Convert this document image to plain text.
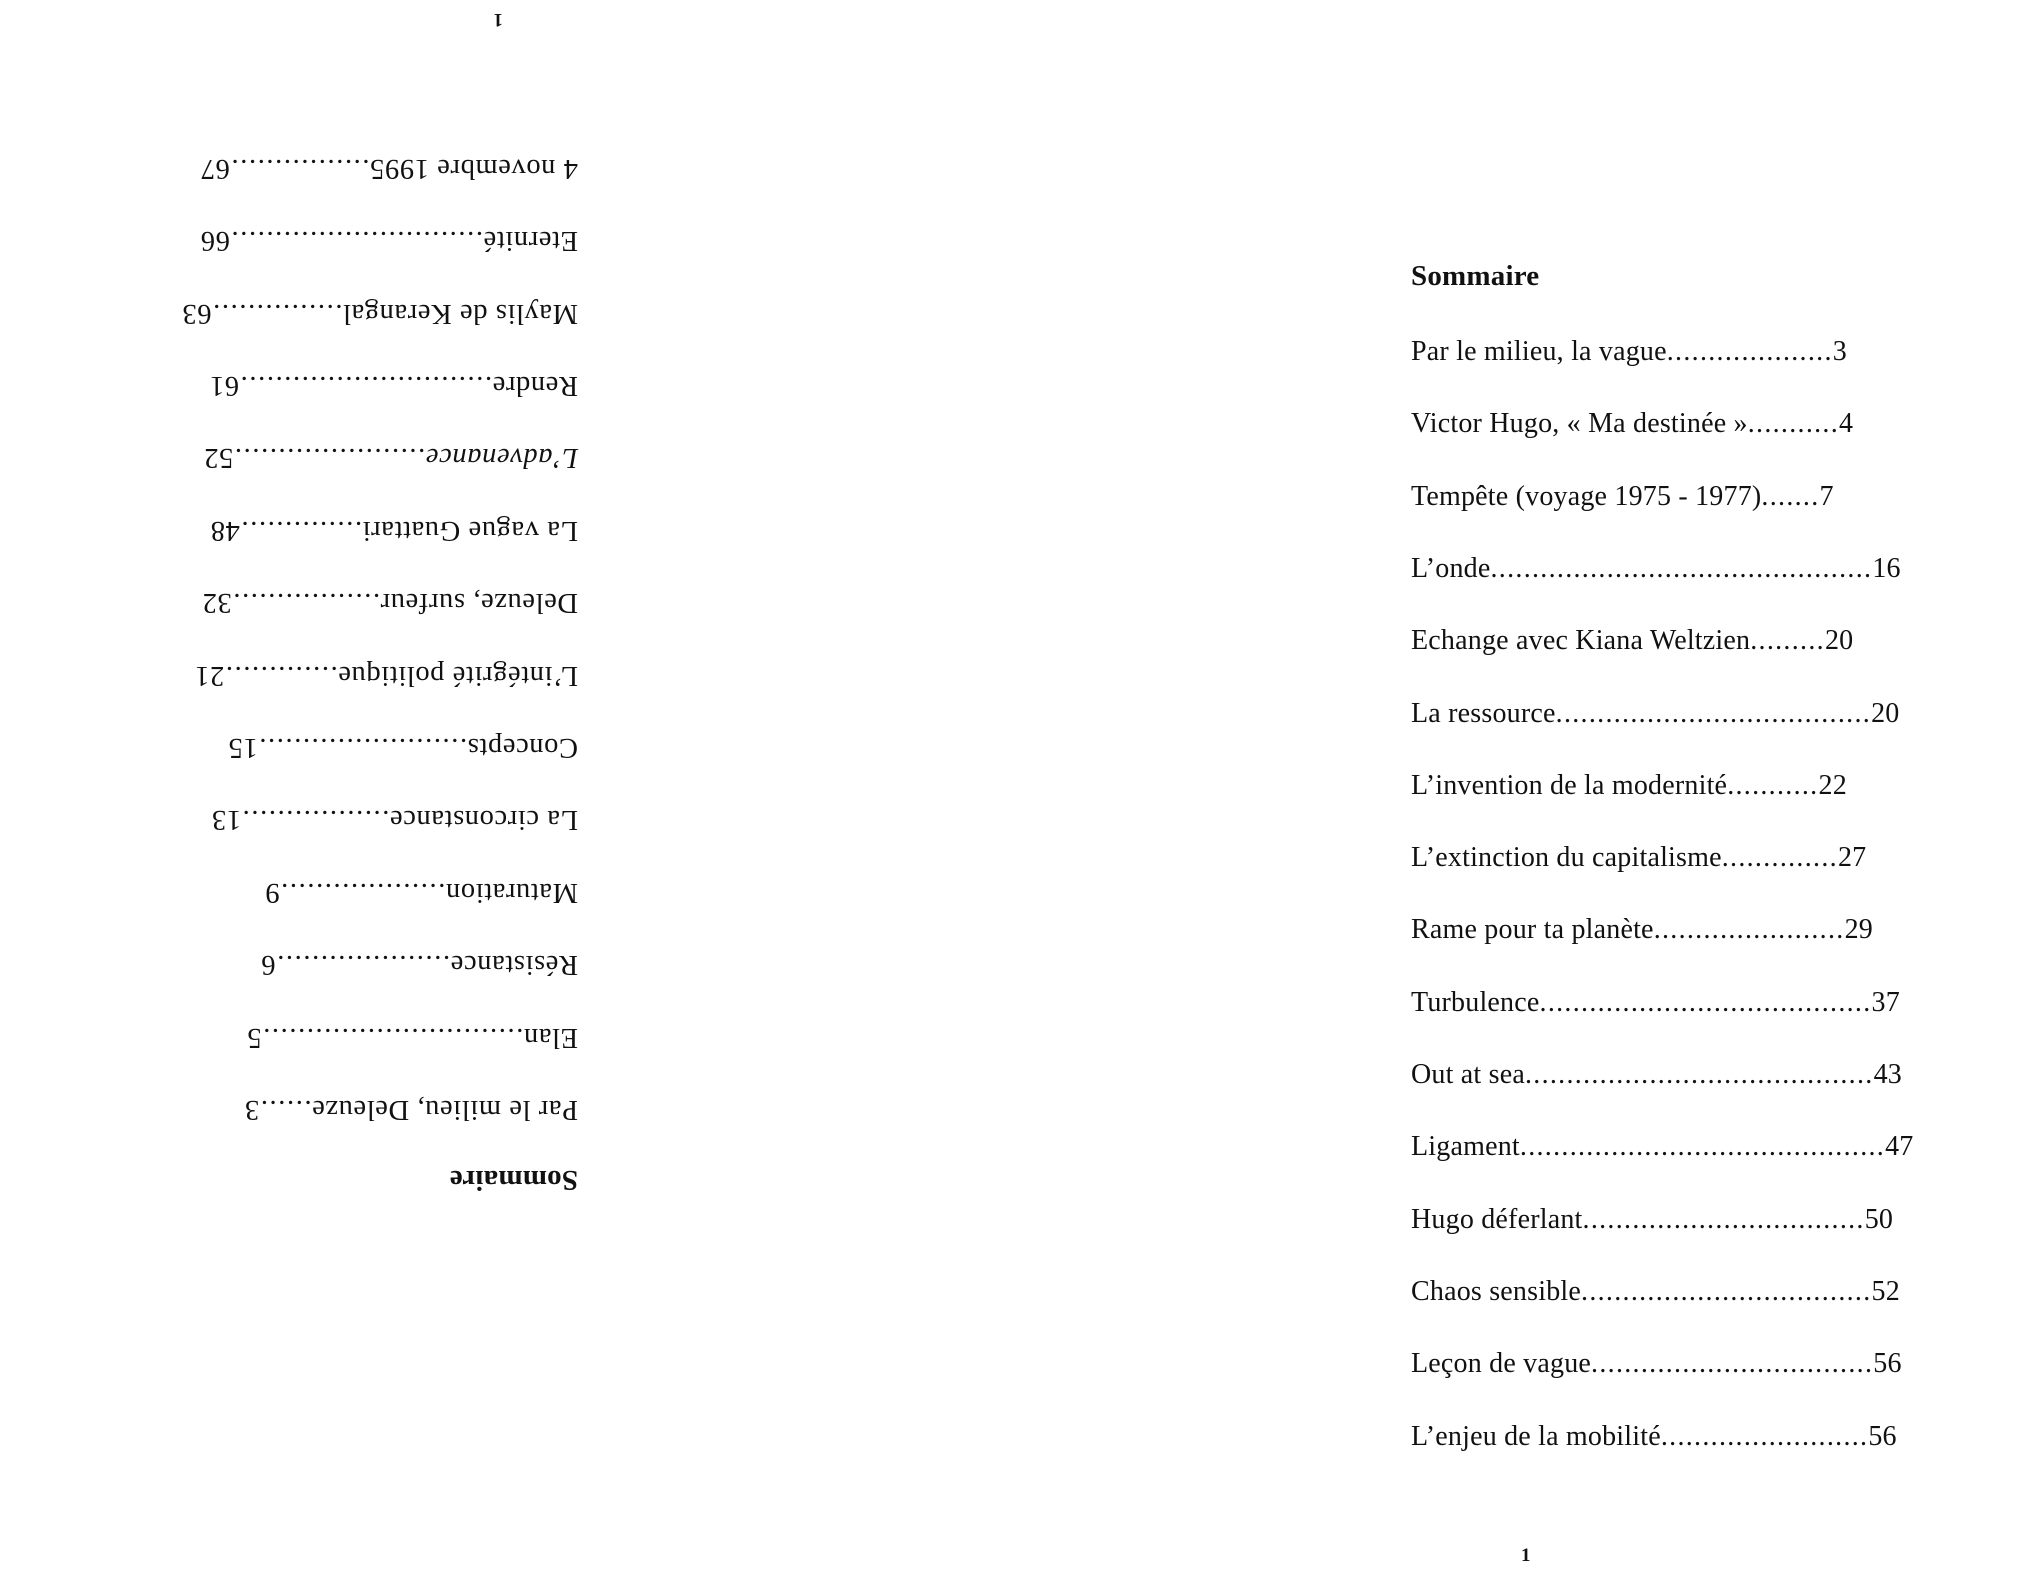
Sommaire
Par le milieu, Deleuze......3
Elan..............................5
Résistance....................6
Maturation...................9
La circonstance.................13
Concepts........................15
L’intégrité politique.............21
Deleuze, surfeur.................32
La vague Guattari..............48
L’advenance......................52
Rendre.............................61
Maylis de Kerangal...............63
Eternité.............................66
4 novembre 1995................67
1
Sommaire
Par le milieu, la vague....................3
Victor Hugo, « Ma destinée »...........4
Tempête (voyage 1975 - 1977).......7
L’onde..............................................16
Echange avec Kiana Weltzien.........20
La ressource......................................20
L’invention de la modernité...........22
L’extinction du capitalisme..............27
Rame pour ta planète.......................29
Turbulence........................................37
Out at sea..........................................43
Ligament............................................47
Hugo déferlant..................................50
Chaos sensible...................................52
Leçon de vague..................................56
L’enjeu de la mobilité.........................56
1
